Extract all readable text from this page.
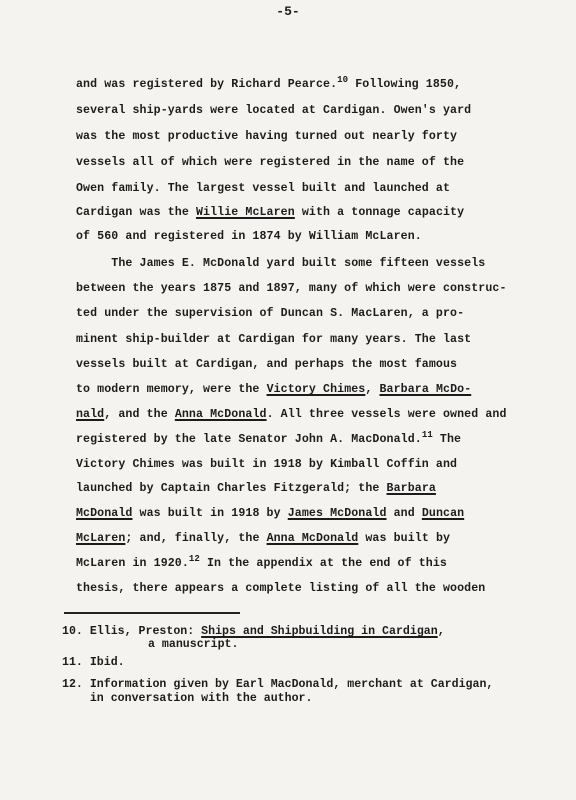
-5-
and was registered by Richard Pearce.$^{10}$ Following 1850,
several ship-yards were located at Cardigan. Owen's yard
was the most productive having turned out nearly forty
vessels all of which were registered in the name of the
Owen family. The largest vessel built and launched at
Cardigan was the Willie McLaren with a tonnage capacity
of 560 and registered in 1874 by William McLaren.
The James E. McDonald yard built some fifteen vessels
between the years 1875 and 1897, many of which were construc-
ted under the supervision of Duncan S. MacLaren, a pro-
minent ship-builder at Cardigan for many years. The last
vessels built at Cardigan, and perhaps the most famous
to modern memory, were the Victory Chimes, Barbara McDo-
nald, and the Anna McDonald. All three vessels were owned and
registered by the late Senator John A. MacDonald.$^{11}$ The
Victory Chimes was built in 1918 by Kimball Coffin and
launched by Captain Charles Fitzgerald; the Barbara
McDonald was built in 1918 by James McDonald and Duncan
McLaren; and, finally, the Anna McDonald was built by
McLaren in 1920.12 In the appendix at the end of this
thesis, there appears a complete listing of all the wooden
10. Ellis, Preston: Ships and Shipbuilding in Cardigan,
a manuscript.
11. Ibid.
12. Information given by Earl MacDonald, merchant at Cardigan,
in conversation with the author.
